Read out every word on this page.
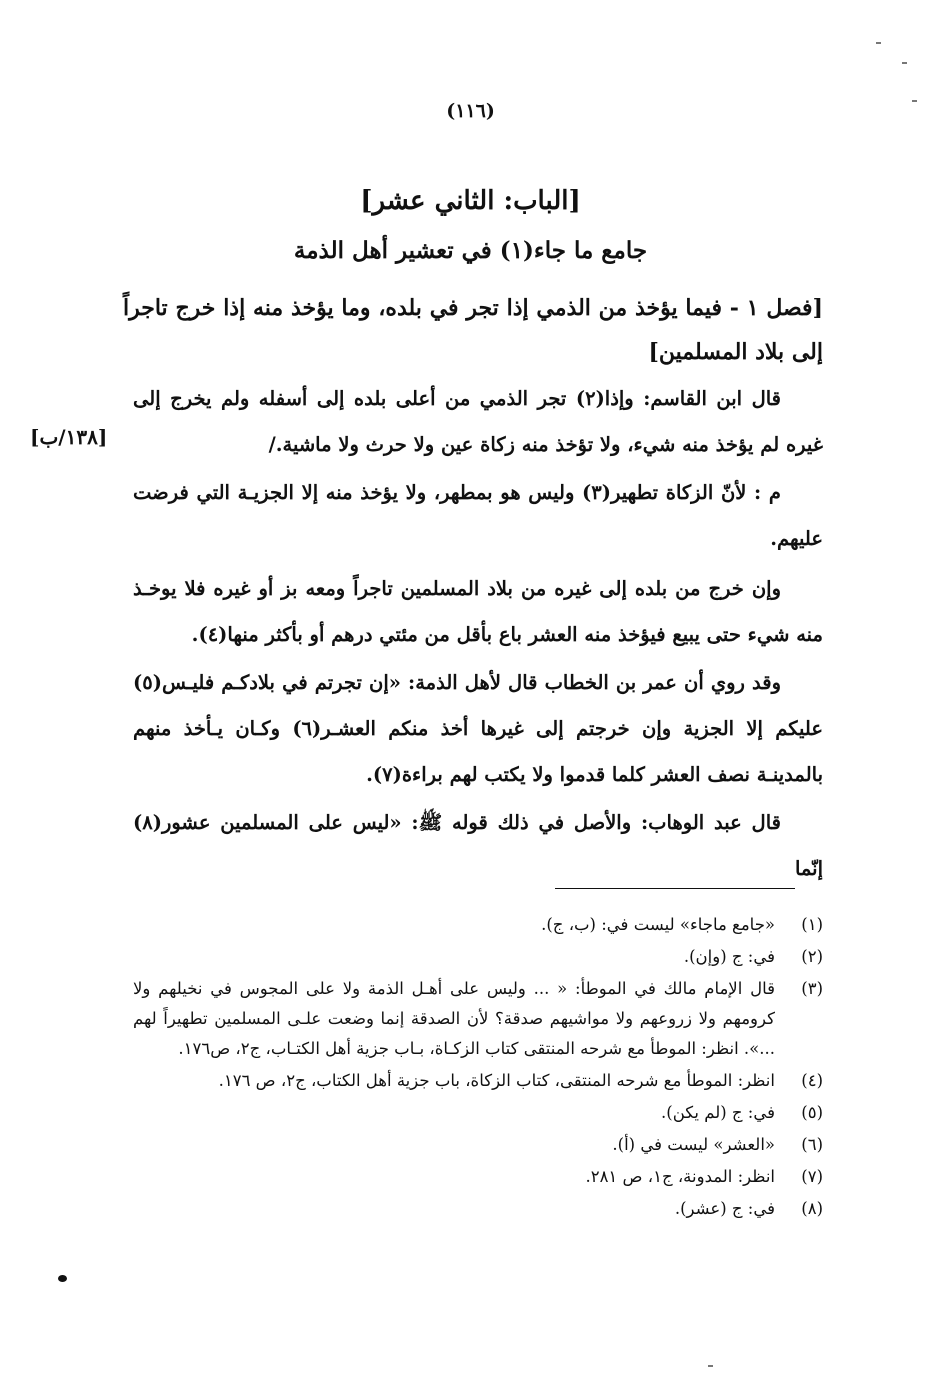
(١١٦)
[الباب: الثاني عشر]
جامع ما جاء(١) في تعشير أهل الذمة
[فصل ١ - فيما يؤخذ من الذمي إذا تجر في بلده، وما يؤخذ منه إذا خرج تاجراً إلى بلاد المسلمين]
[١٣٨/ب]
قال ابن القاسم: وإذا(٢) تجر الذمي من أعلى بلده إلى أسفله ولم يخرج إلى غيره لم يؤخذ منه شيء، ولا تؤخذ منه زكاة عين ولا حرث ولا ماشية./
م : لأنّ الزكاة تطهير(٣) وليس هو بمطهر، ولا يؤخذ منه إلا الجزيـة التي فرضت عليهم.
وإن خرج من بلده إلى غيره من بلاد المسلمين تاجراً ومعه بز أو غيره فلا يوخـذ منه شيء حتى يبيع فيؤخذ منه العشر باع بأقل من مئتي درهم أو بأكثر منها(٤).
وقد روي أن عمر بن الخطاب قال لأهل الذمة: «إن تجرتم في بلادكـم فليـس(٥) عليكم إلا الجزية وإن خرجتم إلى غيرها أخذ منكم العشـر(٦) وكـان يـأخذ منهم بالمدينـة نصف العشر كلما قدموا ولا يكتب لهم براءة(٧).
قال عبد الوهاب: والأصل في ذلك قوله ﷺ: «ليس على المسلمين عشور(٨) إنّما
(١)
«جامع ماجاء» ليست في: (ب، ج).
(٢)
في: ج (وإن).
(٣)
قال الإمام مالك في الموطأ: « ... وليس على أهـل الذمة ولا على المجوس في نخيلهم ولا كرومهم ولا زروعهم ولا مواشيهم صدقة؟ لأن الصدقة إنما وضعت علـى المسلمين تطهيراً لهم ...». انظر: الموطأ مع شرحه المنتقى كتاب الزكـاة، بـاب جزية أهل الكتـاب، ج٢، ص١٧٦.
(٤)
انظر: الموطأ مع شرحه المنتقى، كتاب الزكاة، باب جزية أهل الكتاب، ج٢، ص ١٧٦.
(٥)
في: ج (لم يكن).
(٦)
«العشر» ليست في (أ).
(٧)
انظر: المدونة، ج١، ص ٢٨١.
(٨)
في: ج (عشر).
